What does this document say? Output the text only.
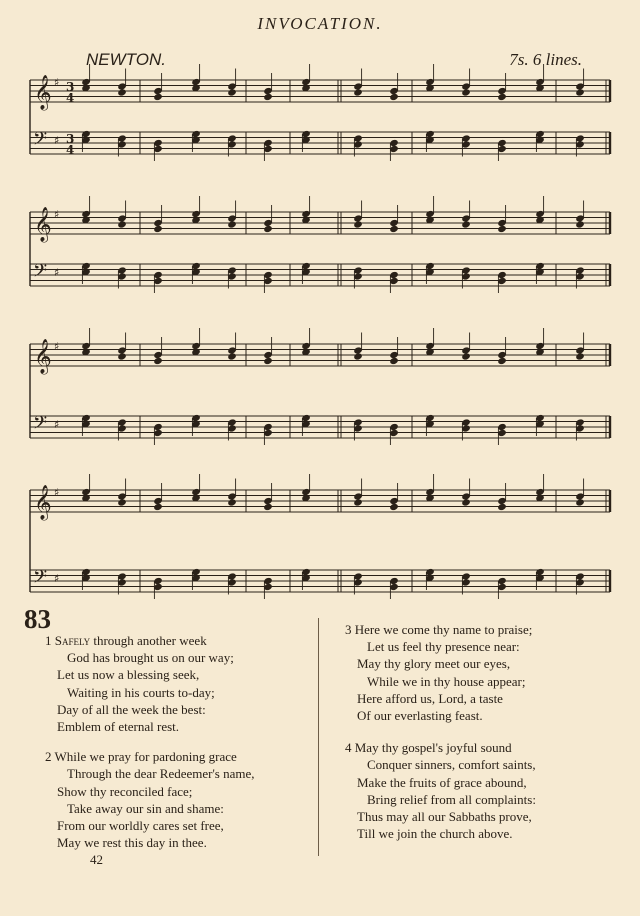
INVOCATION.
NEWTON.	7s. 6 lines.
𝄞 ♯ 3
4
𝄢 ♯ 3
4
𝄞 ♯
𝄢 ♯
𝄞 ♯
𝄢 ♯
𝄞 ♯
𝄢 ♯
83
1 Safely through another week
God has brought us on our way;
Let us now a blessing seek,
Waiting in his courts to-day;
Day of all the week the best:
Emblem of eternal rest.
2 While we pray for pardoning grace
Through the dear Redeemer's name,
Show thy reconciled face;
Take away our sin and shame:
From our worldly cares set free,
May we rest this day in thee.
3 Here we come thy name to praise;
Let us feel thy presence near:
May thy glory meet our eyes,
While we in thy house appear;
Here afford us, Lord, a taste
Of our everlasting feast.
4 May thy gospel's joyful sound
Conquer sinners, comfort saints,
Make the fruits of grace abound,
Bring relief from all complaints:
Thus may all our Sabbaths prove,
Till we join the church above.
42
